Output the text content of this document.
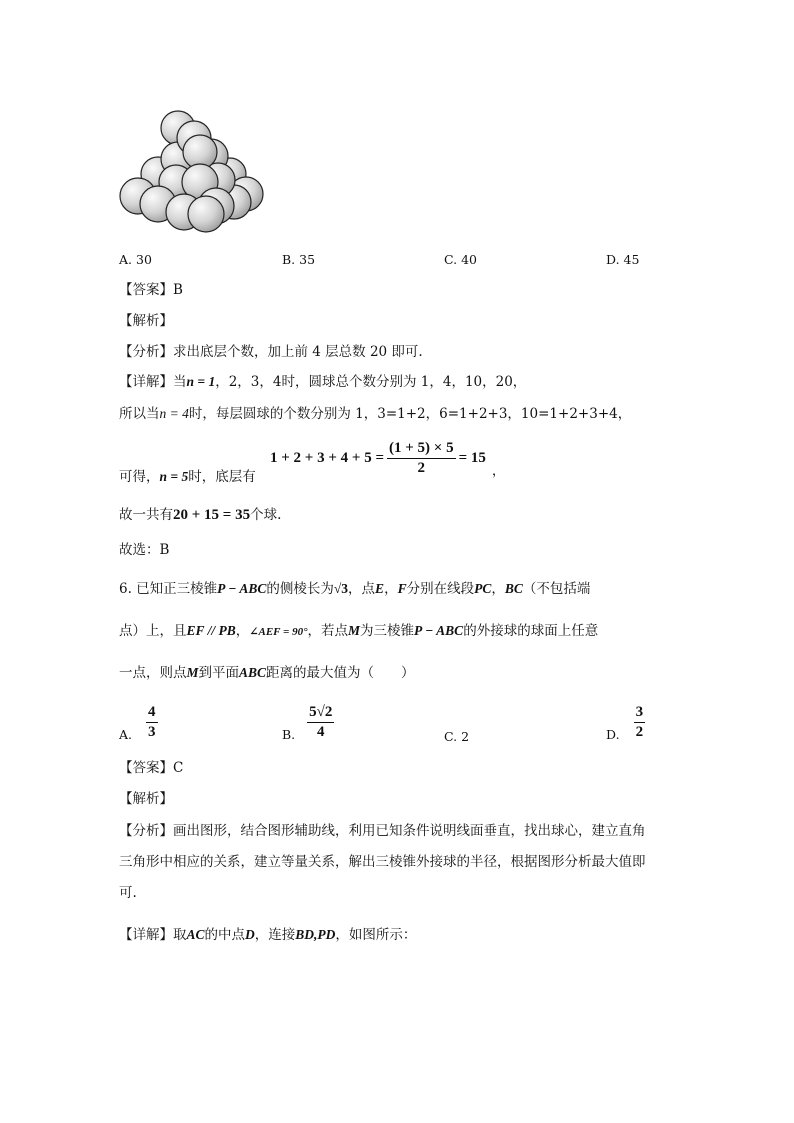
A. 30	B. 35	C. 40	D. 45
【答案】B
【解析】
【分析】求出底层个数，加上前 4 层总数 20 即可.
【详解】当n = 1，2，3，4时，圆球总个数分别为 1，4，10，20，
所以当n = 4时，每层圆球的个数分别为 1，3=1+2，6=1+2+3，10=1+2+3+4，
可得，n = 5时，底层有
$1 + 2 + 3 + 4 + 5 = \frac{(1 + 5) \times 5}{2} = 15$
，
故一共有20 + 15 = 35个球.
故选：B
6. 已知正三棱锥P − ABC的侧棱长为√3，点E，F分别在线段PC，BC（不包括端
点）上，且EF // PB，∠AEF = 90°，若点M为三棱锥P − ABC的外接球的球面上任意
一点，则点M到平面ABC距离的最大值为（　　）
A. $\frac{4}{3}$	B. $\frac{5√2}{4}$	C. 2	D. $\frac{3}{2}$
【答案】C
【解析】
【分析】画出图形，结合图形辅助线，利用已知条件说明线面垂直，找出球心，建立直角
三角形中相应的关系，建立等量关系，解出三棱锥外接球的半径，根据图形分析最大值即
可.
【详解】取AC的中点D，连接BD,PD，如图所示：
